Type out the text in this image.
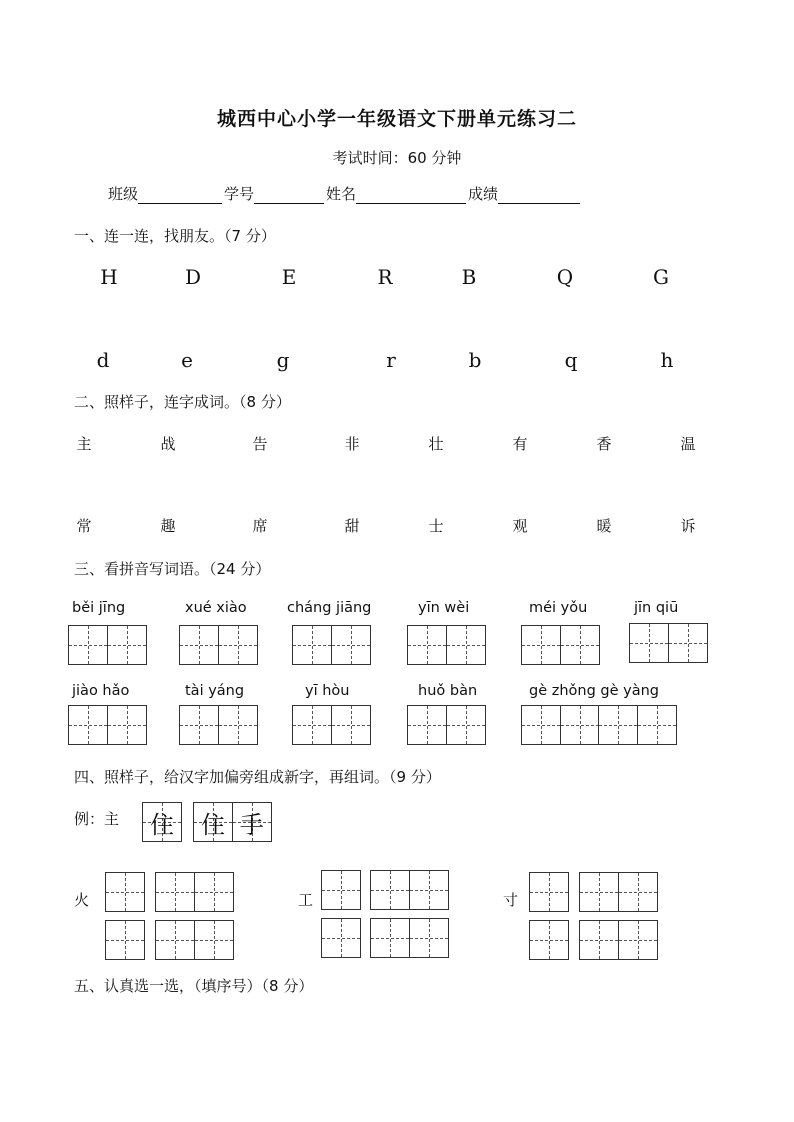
城西中心小学一年级语文下册单元练习二
考试时间：60 分钟
班级	学号	姓名	成绩
一、连一连，找朋友。（7 分）
H	D	E	R	B	Q	G
d	e	g	r	b	q	h
二、照样子，连字成词。（8 分）
主	战	告	非	壮	有	香	温
常	趣	席	甜	士	观	暖	诉
三、看拼音写词语。（24 分）
běi jīng	xué xiào	cháng jiāng	yīn wèi	méi yǒu	jīn qiū
jiào hǎo	tài yáng	yī hòu	huǒ bàn	gè zhǒng gè yàng
四、照样子，给汉字加偏旁组成新字，再组词。（9 分）
例：主 住 住 手
火	工	寸
五、认真选一选，（填序号）（8 分）
